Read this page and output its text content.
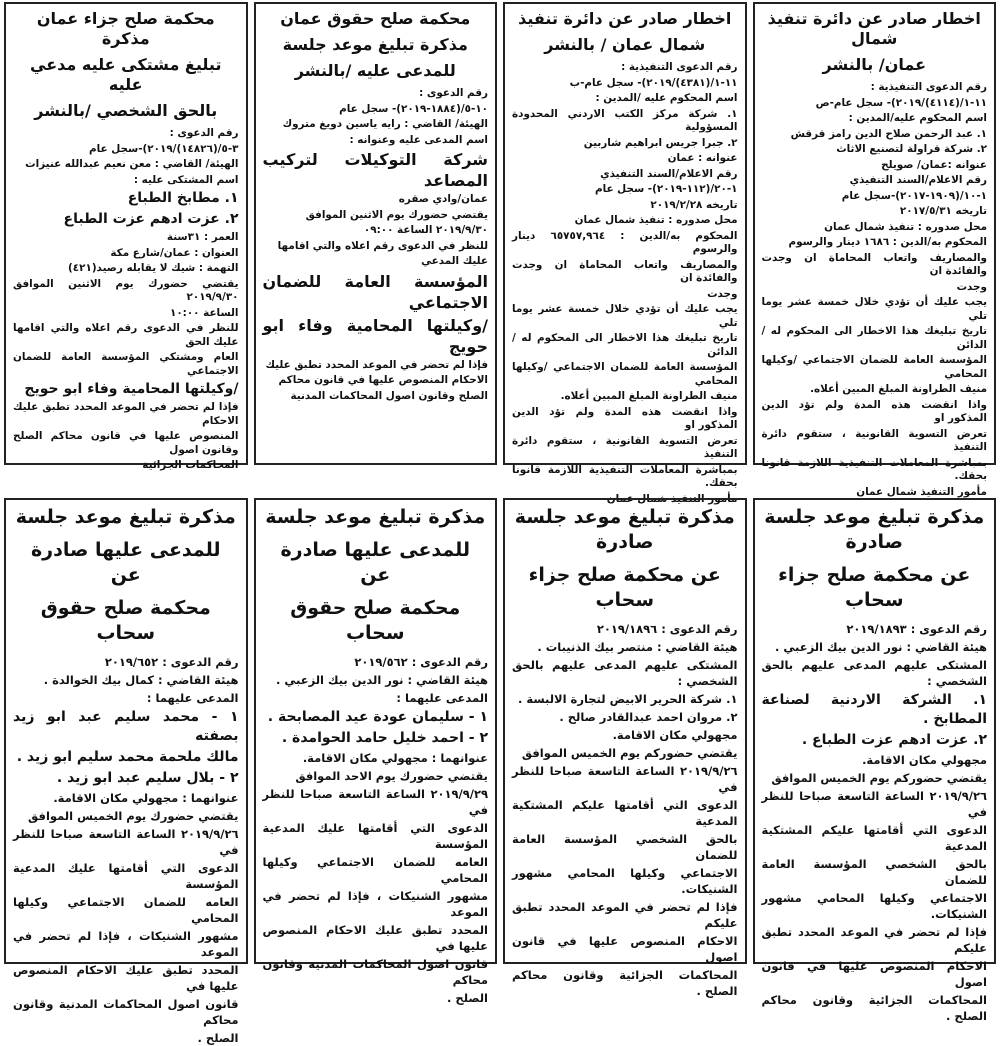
اخطار صادر عن دائرة تنفيذ شمال
عمان/ بالنشر
رقم الدعوى التنفيذية :
١١-١/(٤١١٤)/٢٠١٩)- سجل عام-ص
اسم المحكوم عليه/المدين :
١. عبد الرحمن صلاح الدين رامز قرقش
٢. شركة قراولة لتصنيع الاثاث
عنوانه :عمان/ صويلح
رقم الاعلام/السند التنفيذي
١-١٠/(١٩٠٩-٢٠١٧)-سجل عام
تاريخه ٢٠١٧/٥/٣١
محل صدوره : تنفيذ شمال عمان
المحكوم به/الدين : ١٦٨٦ دينار والرسوم
والمصاريف واتعاب المحاماة ان وجدت والفائدة ان
وجدت
يجب عليك أن تؤدي خلال خمسة عشر يوما تلي
تاريخ تبليغك هذا الاخطار الى المحكوم له / الدائن
المؤسسة العامة للضمان الاجتماعي /وكيلها المحامي
منيف الطراونة المبلغ المبين أعلاه.
واذا انقضت هذه المدة ولم تؤد الدين المذكور او
تعرض التسوية القانونية ، ستقوم دائرة التنفيذ
بمباشرة المعاملات التنفيذية اللازمة قانونا بحقك.
مأمور التنفيذ شمال عمان
اخطار صادر عن دائرة تنفيذ
شمال عمان / بالنشر
رقم الدعوى التنفيذية :
١١-١/(٤٣٨١)/٢٠١٩)- سجل عام-ب
اسم المحكوم عليه /المدين :
١. شركة مركز الكتب الاردني المحدودة المسؤولية
٢. جبرا جريس ابراهيم شاربين
عنوانه : عمان
رقم الاعلام/السند التنفيذي
١-٢٠/(١١٢-٢٠١٩)- سجل عام
تاريخه ٢٠١٩/٢/٢٨
محل صدوره : تنفيذ شمال عمان
المحكوم به/الدين : ٦٥٧٥٧,٩٦٤ دينار والرسوم
والمصاريف واتعاب المحاماة ان وجدت والفائدة ان
وجدت
يجب عليك أن تؤدي خلال خمسة عشر يوما تلي
تاريخ تبليغك هذا الاخطار الى المحكوم له / الدائن
المؤسسة العامة للضمان الاجتماعي /وكيلها المحامي
منيف الطراونة المبلغ المبين أعلاه.
واذا انقضت هذه المدة ولم تؤد الدين المذكور او
تعرض التسوية القانونية ، ستقوم دائرة التنفيذ
بمباشرة المعاملات التنفيذية اللازمة قانونا بحقك.
مأمور التنفيذ شمال عمان
محكمة صلح حقوق عمان
مذكرة تبليغ موعد جلسة
للمدعى عليه /بالنشر
رقم الدعوى :
١٠-٥/(١٨٨٤-٢٠١٩)- سجل عام
الهيئة/ القاضي : رايه ياسين دويغ متروك
اسم المدعى عليه وعنوانه :
شركة التوكيلات لتركيب المصاعد
عمان/وادي صقره
يقتضي حضورك يوم الاثنين الموافق
٢٠١٩/٩/٣٠ الساعة ٠٩:٠٠
للنظر في الدعوى رقم اعلاه والتي اقامها
عليك المدعي
المؤسسة العامة للضمان الاجتماعي
/وكيلتها المحامية وفاء ابو حويج
فإذا لم تحضر في الموعد المحدد تطبق عليك
الاحكام المنصوص عليها في قانون محاكم
الصلح وقانون اصول المحاكمات المدنية
محكمة صلح جزاء عمان مذكرة
تبليغ مشتكى عليه مدعي عليه
بالحق الشخصي /بالنشر
رقم الدعوى :
٣-٥/(١٤٨٢٦)/٢٠١٩)-سجل عام
الهيئة/ القاضي : معن نعيم عبدالله عنيزات
اسم المشتكى عليه :
١. مطابخ الطباع
٢. عزت ادهم عزت الطباع
العمر : ٣١سنة
العنوان : عمان/شارع مكة
التهمة : شيك لا يقابله رصيد(٤٢١)
يقتضي حضورك يوم الاثنين الموافق ٢٠١٩/٩/٣٠
الساعة ١٠:٠٠
للنظر في الدعوى رقم اعلاه والتي اقامها عليك الحق
العام ومشتكي المؤسسة العامة للضمان الاجتماعي
/وكيلتها المحامية وفاء ابو حويج
فإذا لم تحضر في الموعد المحدد تطبق عليك الاحكام
المنصوص عليها في قانون محاكم الصلح وقانون اصول
المحاكمات الجزائية
مذكرة تبليغ موعد جلسة صادرة
عن محكمة صلح جزاء سحاب
رقم الدعوى : ٢٠١٩/١٨٩٣
هيئة القاضي : نور الدين بيك الزعبي .
المشتكى عليهم المدعى عليهم بالحق الشخصي :
١. الشركة الاردنية لصناعة المطابخ .
٢. عزت ادهم عزت الطباع .
مجهولي مكان الاقامة.
يقتضي حضوركم يوم الخميس الموافق
٢٠١٩/٩/٢٦ الساعة التاسعة صباحا للنظر في
الدعوى التي أقامتها عليكم المشتكية المدعية
بالحق الشخصي المؤسسة العامة للضمان
الاجتماعي وكيلها المحامي مشهور الشنيكات.
فإذا لم تحضر في الموعد المحدد تطبق عليكم
الاحكام المنصوص عليها في قانون اصول
المحاكمات الجزائية وقانون محاكم الصلح .
مذكرة تبليغ موعد جلسة صادرة
عن محكمة صلح جزاء سحاب
رقم الدعوى : ٢٠١٩/١٨٩٦
هيئة القاضي : منتصر بيك الذنيبات .
المشتكى عليهم المدعى عليهم بالحق الشخصي :
١. شركة الحرير الابيض لتجارة الالبسة .
٢. مروان احمد عبدالقادر صالح .
مجهولي مكان الاقامة.
يقتضي حضوركم يوم الخميس الموافق
٢٠١٩/٩/٢٦ الساعة التاسعة صباحا للنظر في
الدعوى التي أقامتها عليكم المشتكية المدعية
بالحق الشخصي المؤسسة العامة للضمان
الاجتماعي وكيلها المحامي مشهور الشنيكات.
فإذا لم تحضر في الموعد المحدد تطبق عليكم
الاحكام المنصوص عليها في قانون اصول
المحاكمات الجزائية وقانون محاكم الصلح .
مذكرة تبليغ موعد جلسة
للمدعى عليها صادرة عن
محكمة صلح حقوق سحاب
رقم الدعوى : ٢٠١٩/٥٦٢
هيئة القاضي : نور الدين بيك الزعبي .
المدعى عليهما :
١ - سليمان عودة عيد المصابحة .
٢ - احمد خليل حامد الحوامدة .
عنوانهما : مجهولي مكان الاقامة.
يقتضي حضورك يوم الاحد الموافق
٢٠١٩/٩/٢٩ الساعة التاسعة صباحا للنظر في
الدعوى التي أقامتها عليك المدعية المؤسسة
العامه للضمان الاجتماعي وكيلها المحامي
مشهور الشنيكات ، فإذا لم تحضر في الموعد
المحدد تطبق عليك الاحكام المنصوص عليها في
قانون اصول المحاكمات المدنية وقانون محاكم
الصلح .
مذكرة تبليغ موعد جلسة
للمدعى عليها صادرة عن
محكمة صلح حقوق سحاب
رقم الدعوى : ٢٠١٩/٦٥٢
هيئة القاضي : كمال بيك الخوالدة .
المدعى عليهما :
١ - محمد سليم عبد ابو زيد بصفته
مالك ملحمة محمد سليم ابو زيد .
٢ - بلال سليم عبد ابو زيد .
عنوانهما : مجهولي مكان الاقامة.
يقتضي حضورك يوم الخميس الموافق
٢٠١٩/٩/٢٦ الساعة التاسعة صباحا للنظر في
الدعوى التي أقامتها عليك المدعية المؤسسة
العامه للضمان الاجتماعي وكيلها المحامي
مشهور الشنيكات ، فإذا لم تحضر في الموعد
المحدد تطبق عليك الاحكام المنصوص عليها في
قانون اصول المحاكمات المدنية وقانون محاكم
الصلح .
